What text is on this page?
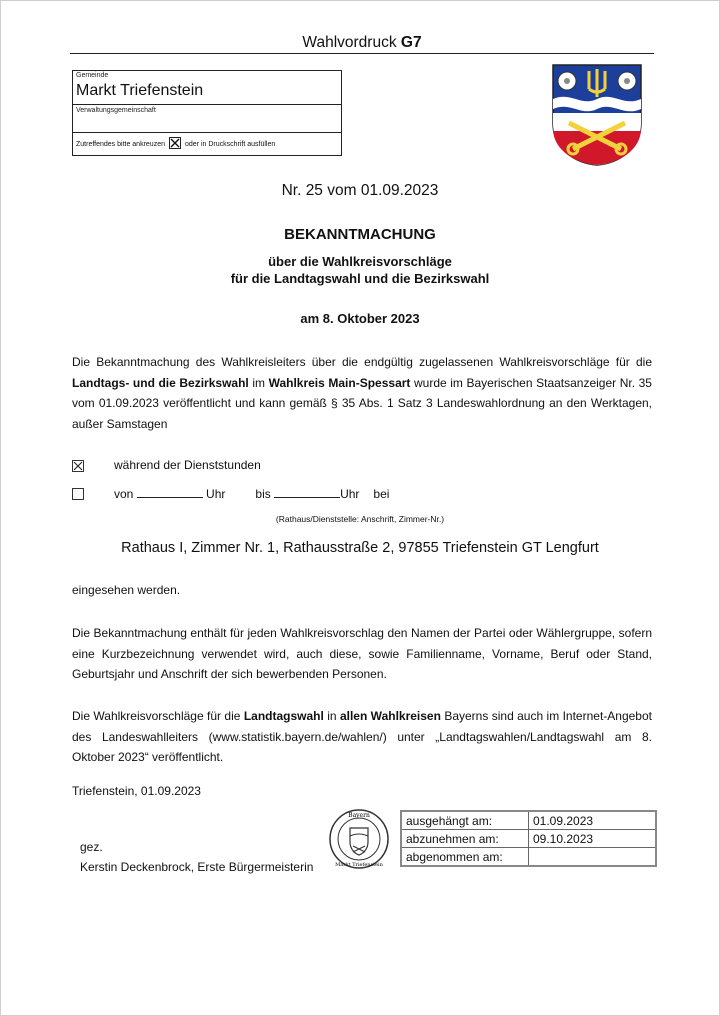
Wahlvordruck G7
Gemeinde
Markt Triefenstein
Verwaltungsgemeinschaft
Zutreffendes bitte ankreuzen	oder in Druckschrift ausfüllen
Nr. 25 vom 01.09.2023
BEKANNTMACHUNG
über die Wahlkreisvorschläge
für die Landtagswahl und die Bezirkswahl
am 8. Oktober 2023
Die Bekanntmachung des Wahlkreisleiters über die endgültig zugelassenen Wahlkreisvorschläge für die Landtags- und die Bezirkswahl im Wahlkreis Main-Spessart wurde im Bayerischen Staatsanzeiger Nr. 35 vom 01.09.2023 veröffentlicht und kann gemäß § 35 Abs. 1 Satz 3 Landeswahlordnung an den Werktagen, außer Samstagen
während der Dienststunden
von	Uhr	bis	Uhr bei
(Rathaus/Dienststelle: Anschrift, Zimmer-Nr.)
Rathaus I, Zimmer Nr. 1, Rathausstraße 2, 97855 Triefenstein GT Lengfurt
eingesehen werden.
Die Bekanntmachung enthält für jeden Wahlkreisvorschlag den Namen der Partei oder Wählergruppe, sofern eine Kurzbezeichnung verwendet wird, auch diese, sowie Familienname, Vorname, Beruf oder Stand, Geburtsjahr und Anschrift der sich bewerbenden Personen.
Die Wahlkreisvorschläge für die Landtagswahl in allen Wahlkreisen Bayerns sind auch im Internet-Angebot des Landeswahlleiters (www.statistik.bayern.de/wahlen/) unter „Landtagswahlen/Landtagswahl am 8. Oktober 2023“ veröffentlicht.
Triefenstein, 01.09.2023
Bayern
Markt Triefenstein
gez.
Kerstin Deckenbrock, Erste Bürgermeisterin
ausgehängt am:	01.09.2023
abzunehmen am:	09.10.2023
abgenommen am:	
